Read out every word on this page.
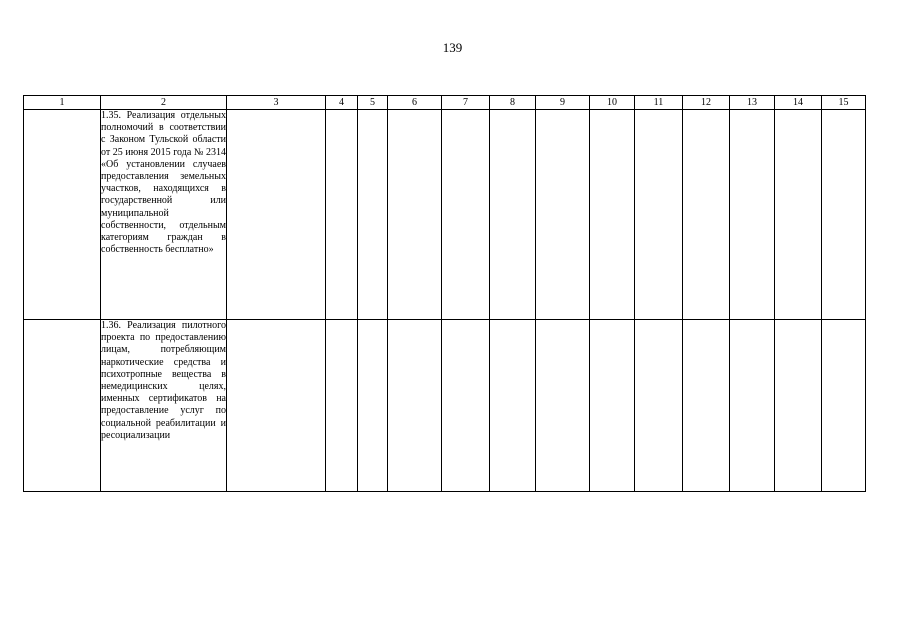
139
1	2	3	4	5	6	7	8	9	10	11	12	13	14	15

	1.35. Реализация отдельных полномочий в соответствии с Законом Тульской области от 25 июня 2015 года № 2314 «Об установлении случаев предоставления земельных участков, находящихся в государственной или муниципальной собственности, отдельным категориям граждан в собственность бесплатно»													

	1.36. Реализация пилотного проекта по предоставлению лицам, потребляющим наркотические средства и психотропные вещества в немедицинских целях, именных сертификатов на предоставление услуг по социальной реабилитации и ресоциализации													
